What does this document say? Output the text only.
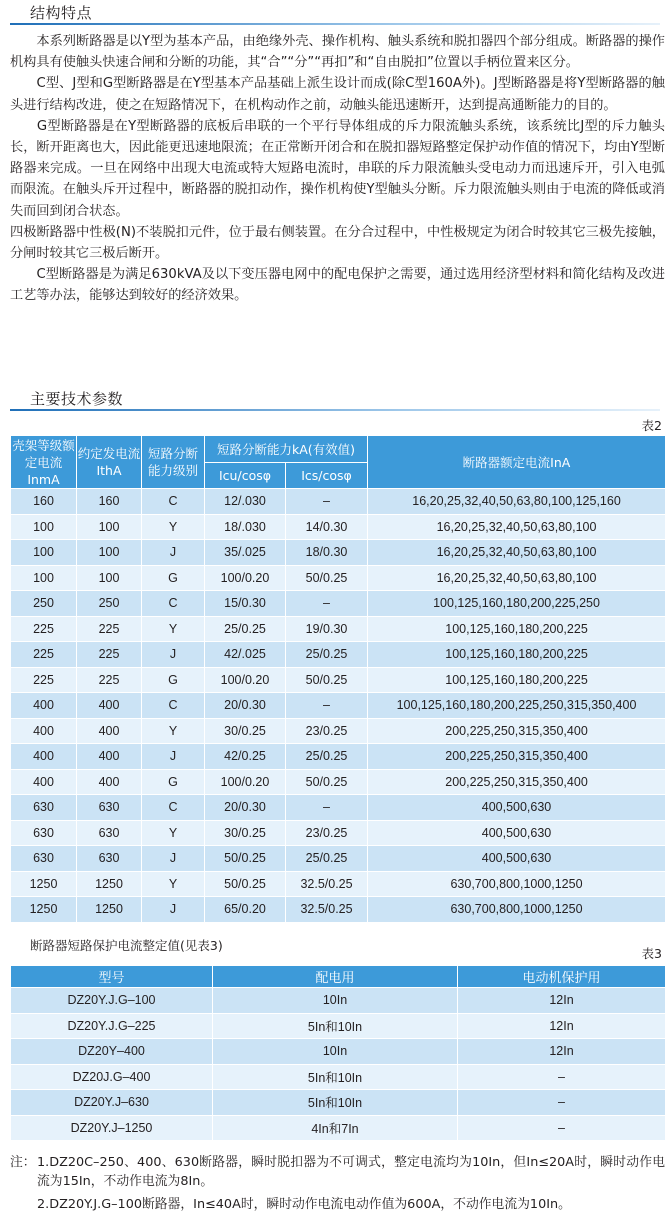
结构特点

　　本系列断路器是以Y型为基本产品，由绝缘外壳、操作机构、触头系统和脱扣器四个部分组成。断路器的操作机构具有使触头快速合闸和分断的功能，其“合”“分”“再扣”和“自由脱扣”位置以手柄位置来区分。

　　C型、J型和G型断路器是在Y型基本产品基础上派生设计而成(除C型160A外)。J型断路器是将Y型断路器的触头进行结构改进，使之在短路情况下，在机构动作之前，动触头能迅速断开，达到提高通断能力的目的。

　　G型断路器是在Y型断路器的底板后串联的一个平行导体组成的斥力限流触头系统，该系统比J型的斥力触头长，断开距离也大，因此能更迅速地限流；在正常断开闭合和在脱扣器短路整定保护动作值的情况下，均由Y型断路器来完成。一旦在网络中出现大电流或特大短路电流时，串联的斥力限流触头受电动力而迅速斥开，引入电弧而限流。在触头斥开过程中，断路器的脱扣动作，操作机构使Y型触头分断。斥力限流触头则由于电流的降低或消失而回到闭合状态。

四极断路器中性极(N)不装脱扣元件，位于最右侧装置。在分合过程中，中性极规定为闭合时较其它三极先接触，分闸时较其它三极后断开。

　　C型断路器是为满足630kVA及以下变压器电网中的配电保护之需要，通过选用经济型材料和简化结构及改进工艺等办法，能够达到较好的经济效果。

主要技术参数
表2
壳架等级额定电流InmA	约定发电流IthA	短路分断能力级别	短路分断能力kA(有效值)		断路器额定电流InA
			Icu/cosφ	Ics/cosφ	
160	160	C	12/.030	–	16,20,25,32,40,50,63,80,100,125,160
100	100	Y	18/.030	14/0.30	16,20,25,32,40,50,63,80,100
100	100	J	35/.025	18/0.30	16,20,25,32,40,50,63,80,100
100	100	G	100/0.20	50/0.25	16,20,25,32,40,50,63,80,100
250	250	C	15/0.30	–	100,125,160,180,200,225,250
225	225	Y	25/0.25	19/0.30	100,125,160,180,200,225
225	225	J	42/.025	25/0.25	100,125,160,180,200,225
225	225	G	100/0.20	50/0.25	100,125,160,180,200,225
400	400	C	20/0.30	–	100,125,160,180,200,225,250,315,350,400
400	400	Y	30/0.25	23/0.25	200,225,250,315,350,400
400	400	J	42/0.25	25/0.25	200,225,250,315,350,400
400	400	G	100/0.20	50/0.25	200,225,250,315,350,400
630	630	C	20/0.30	–	400,500,630
630	630	Y	30/0.25	23/0.25	400,500,630
630	630	J	50/0.25	25/0.25	400,500,630
1250	1250	Y	50/0.25	32.5/0.25	630,700,800,1000,1250
1250	1250	J	65/0.20	32.5/0.25	630,700,800,1000,1250
断路器短路保护电流整定值(见表3)
表3
型号	配电用	电动机保护用
DZ20Y.J.G–100	10In	12In
DZ20Y.J.G–225	5In和10In	12In
DZ20Y–400	10In	12In
DZ20J.G–400	5In和10In	–
DZ20Y.J–630	5In和10In	–
DZ20Y.J–1250	4In和7In	–
注： 1.DZ20C–250、400、630断路器，瞬时脱扣器为不可调式，整定电流均为10In，但In≤20A时，瞬时动作电流为15In，不动作电流为8In。
2.DZ20Y.J.G–100断路器，In≤40A时，瞬时动作电流电动作值为600A，不动作电流为10In。
